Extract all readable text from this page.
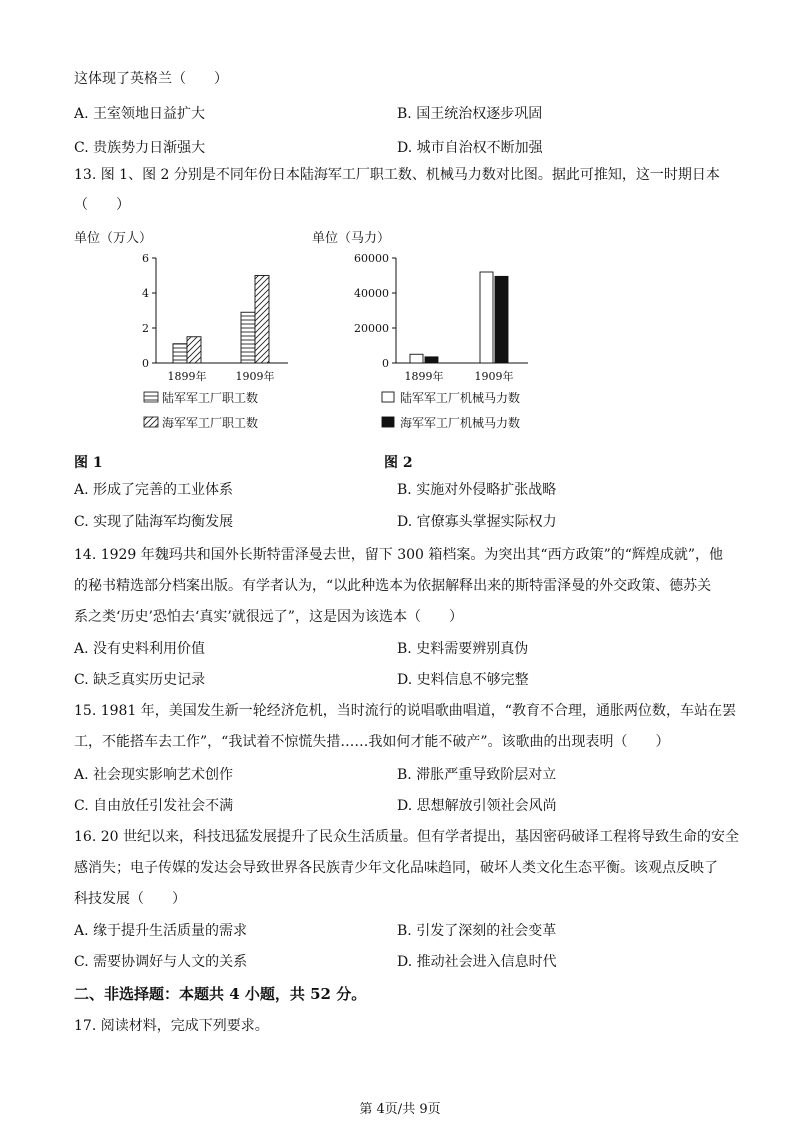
这体现了英格兰（　　）
A. 王室领地日益扩大	B. 国王统治权逐步巩固
C. 贵族势力日渐强大	D. 城市自治权不断加强
13. 图 1、图 2 分别是不同年份日本陆海军工厂职工数、机械马力数对比图。据此可推知，这一时期日本
（　　）
单位（万人）
0
2
4
6
1899年	1909年
陆军军工厂职工数
海军军工厂职工数
单位（马力）
0
20000
40000
60000
1899年	1909年
陆军军工厂机械马力数
海军军工厂机械马力数
图 1	图 2
A. 形成了完善的工业体系	B. 实施对外侵略扩张战略
C. 实现了陆海军均衡发展	D. 官僚寡头掌握实际权力
14. 1929 年魏玛共和国外长斯特雷泽曼去世，留下 300 箱档案。为突出其“西方政策”的“辉煌成就”，他
的秘书精选部分档案出版。有学者认为，“以此种选本为依据解释出来的斯特雷泽曼的外交政策、德苏关
系之类‘历史’恐怕去‘真实’就很远了”，这是因为该选本（　　）
A. 没有史料利用价值	B. 史料需要辨别真伪
C. 缺乏真实历史记录	D. 史料信息不够完整
15. 1981 年，美国发生新一轮经济危机，当时流行的说唱歌曲唱道，“教育不合理，通胀两位数，车站在罢
工，不能搭车去工作”，“我试着不惊慌失措……我如何才能不破产”。该歌曲的出现表明（　　）
A. 社会现实影响艺术创作	B. 滞胀严重导致阶层对立
C. 自由放任引发社会不满	D. 思想解放引领社会风尚
16. 20 世纪以来，科技迅猛发展提升了民众生活质量。但有学者提出，基因密码破译工程将导致生命的安全
感消失；电子传媒的发达会导致世界各民族青少年文化品味趋同，破坏人类文化生态平衡。该观点反映了
科技发展（　　）
A. 缘于提升生活质量的需求	B. 引发了深刻的社会变革
C. 需要协调好与人文的关系	D. 推动社会进入信息时代
二、非选择题：本题共 4 小题，共 52 分。
17. 阅读材料，完成下列要求。
第 4页/共 9页
